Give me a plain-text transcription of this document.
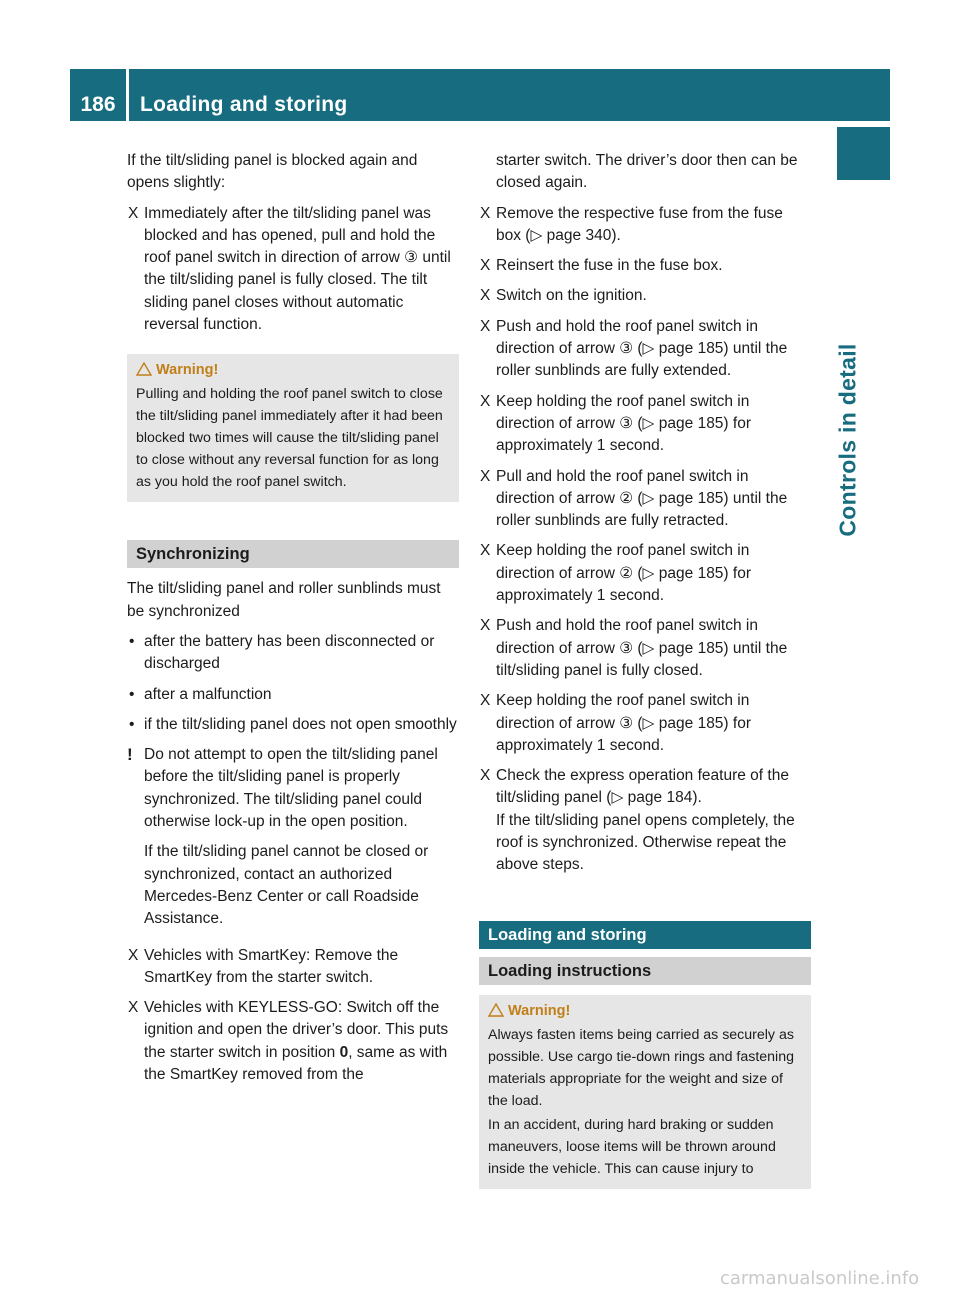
186	Loading and storing
Controls in detail

If the tilt/sliding panel is blocked again and opens slightly:

X Immediately after the tilt/sliding panel was blocked and has opened, pull and hold the roof panel switch in direction of arrow ③ until the tilt/sliding panel is fully closed. The tilt sliding panel closes without automatic reversal function.
Warning!

Pulling and holding the roof panel switch to close the tilt/sliding panel immediately after it had been blocked two times will cause the tilt/sliding panel to close without any reversal function for as long as you hold the roof panel switch.

Synchronizing

The tilt/sliding panel and roller sunblinds must be synchronized

• after the battery has been disconnected or discharged
• after a malfunction
• if the tilt/sliding panel does not open smoothly
! Do not attempt to open the tilt/sliding panel before the tilt/sliding panel is properly synchronized. The tilt/sliding panel could otherwise lock-up in the open position.

If the tilt/sliding panel cannot be closed or synchronized, contact an authorized Mercedes-Benz Center or call Roadside Assistance.

X Vehicles with SmartKey: Remove the SmartKey from the starter switch.
X Vehicles with KEYLESS-GO: Switch off the ignition and open the driver’s door. This puts the starter switch in position 0, same as with the SmartKey removed from the
starter switch. The driver’s door then can be closed again.
X Remove the respective fuse from the fuse box (▷ page 340).
X Reinsert the fuse in the fuse box.
X Switch on the ignition.
X Push and hold the roof panel switch in direction of arrow ③ (▷ page 185) until the roller sunblinds are fully extended.
X Keep holding the roof panel switch in direction of arrow ③ (▷ page 185) for approximately 1 second.
X Pull and hold the roof panel switch in direction of arrow ② (▷ page 185) until the roller sunblinds are fully retracted.
X Keep holding the roof panel switch in direction of arrow ② (▷ page 185) for approximately 1 second.
X Push and hold the roof panel switch in direction of arrow ③ (▷ page 185) until the tilt/sliding panel is fully closed.
X Keep holding the roof panel switch in direction of arrow ③ (▷ page 185) for approximately 1 second.
X Check the express operation feature of the tilt/sliding panel (▷ page 184).
If the tilt/sliding panel opens completely, the roof is synchronized. Otherwise repeat the above steps.
Loading and storing
Loading instructions
Warning!

Always fasten items being carried as securely as possible. Use cargo tie-down rings and fastening materials appropriate for the weight and size of the load.

In an accident, during hard braking or sudden maneuvers, loose items will be thrown around inside the vehicle. This can cause injury to

carmanualsonline.info
